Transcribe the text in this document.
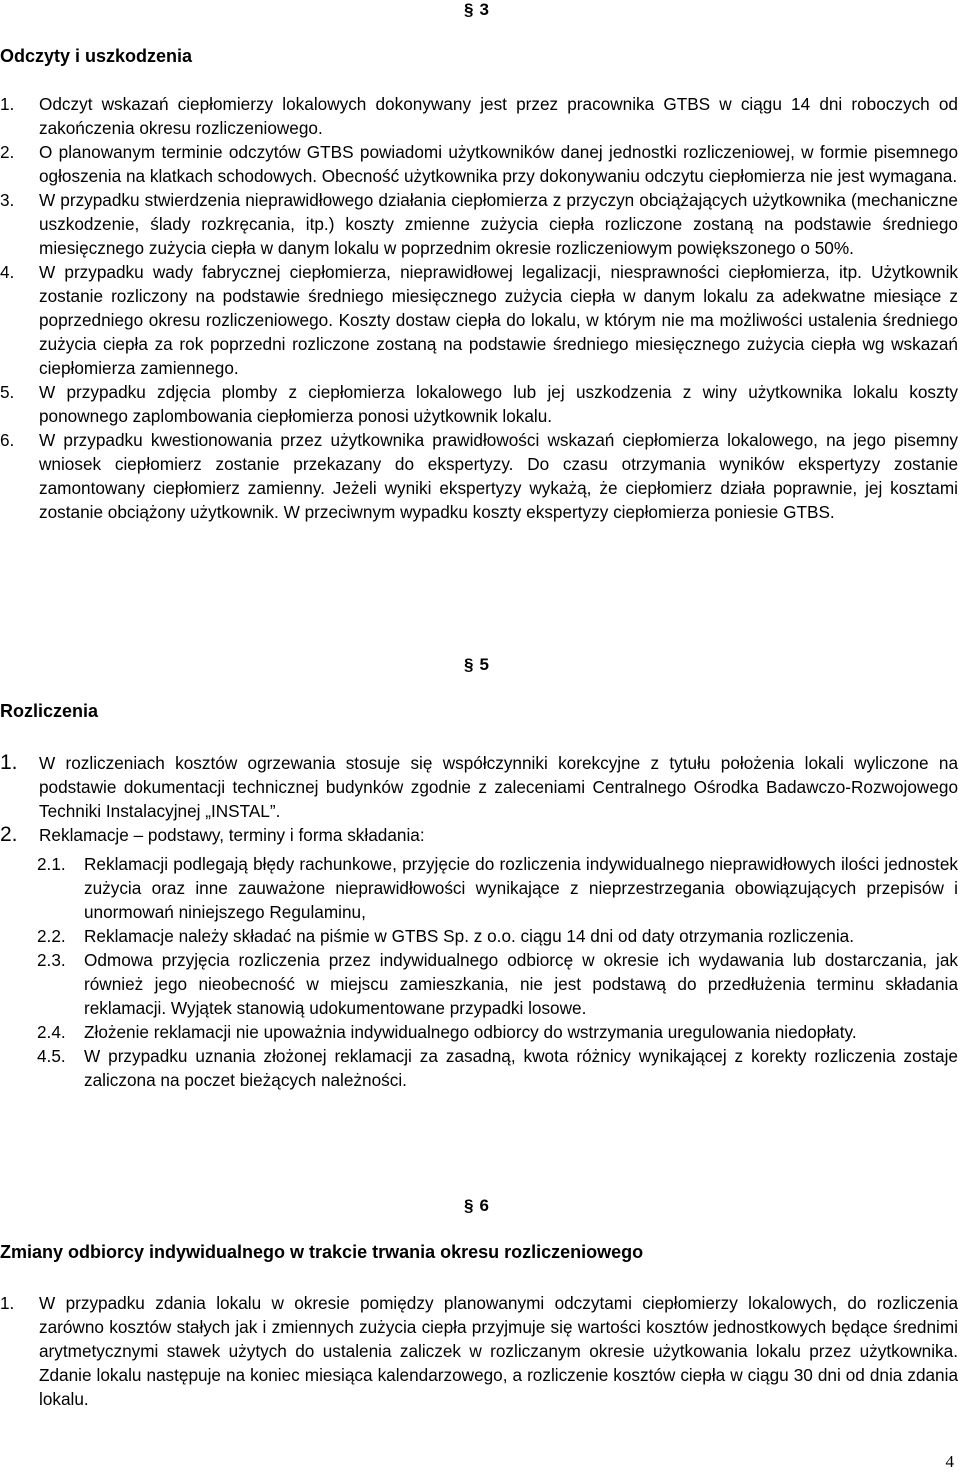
§ 3
Odczyty i uszkodzenia
1. Odczyt wskazań ciepłomierzy lokalowych dokonywany jest przez pracownika GTBS w ciągu 14 dni roboczych od zakończenia okresu rozliczeniowego.
2. O planowanym terminie odczytów GTBS powiadomi użytkowników danej jednostki rozliczeniowej, w formie pisemnego ogłoszenia na klatkach schodowych. Obecność użytkownika przy dokonywaniu odczytu ciepłomierza nie jest wymagana.
3. W przypadku stwierdzenia nieprawidłowego działania ciepłomierza z przyczyn obciążających użytkownika (mechaniczne uszkodzenie, ślady rozkręcania, itp.) koszty zmienne zużycia ciepła rozliczone zostaną na podstawie średniego miesięcznego zużycia ciepła w danym lokalu w poprzednim okresie rozliczeniowym powiększonego o 50%.
4. W przypadku wady fabrycznej ciepłomierza, nieprawidłowej legalizacji, niesprawności ciepłomierza, itp. Użytkownik zostanie rozliczony na podstawie średniego miesięcznego zużycia ciepła w danym lokalu za adekwatne miesiące z poprzedniego okresu rozliczeniowego. Koszty dostaw ciepła do lokalu, w którym nie ma możliwości ustalenia średniego zużycia ciepła za rok poprzedni rozliczone zostaną na podstawie średniego miesięcznego zużycia ciepła wg wskazań ciepłomierza zamiennego.
5. W przypadku zdjęcia plomby z ciepłomierza lokalowego lub jej uszkodzenia z winy użytkownika lokalu koszty ponownego zaplombowania ciepłomierza ponosi użytkownik lokalu.
6. W przypadku kwestionowania przez użytkownika prawidłowości wskazań ciepłomierza lokalowego, na jego pisemny wniosek ciepłomierz zostanie przekazany do ekspertyzy. Do czasu otrzymania wyników ekspertyzy zostanie zamontowany ciepłomierz zamienny. Jeżeli wyniki ekspertyzy wykażą, że ciepłomierz działa poprawnie, jej kosztami zostanie obciążony użytkownik. W przeciwnym wypadku koszty ekspertyzy ciepłomierza poniesie GTBS.
§ 5
Rozliczenia
1. W rozliczeniach kosztów ogrzewania stosuje się współczynniki korekcyjne z tytułu położenia lokali wyliczone na podstawie dokumentacji technicznej budynków zgodnie z zaleceniami Centralnego Ośrodka Badawczo-Rozwojowego Techniki Instalacyjnej „INSTAL”.
2. Reklamacje – podstawy, terminy i forma składania:
2.1. Reklamacji podlegają błędy rachunkowe, przyjęcie do rozliczenia indywidualnego nieprawidłowych ilości jednostek zużycia oraz inne zauważone nieprawidłowości wynikające z nieprzestrzegania obowiązujących przepisów i unormowań niniejszego Regulaminu,
2.2. Reklamacje należy składać na piśmie w GTBS Sp. z o.o. ciągu 14 dni od daty otrzymania rozliczenia.
2.3. Odmowa przyjęcia rozliczenia przez indywidualnego odbiorcę w okresie ich wydawania lub dostarczania, jak również jego nieobecność w miejscu zamieszkania, nie jest podstawą do przedłużenia terminu składania reklamacji. Wyjątek stanowią udokumentowane przypadki losowe.
2.4. Złożenie reklamacji nie upoważnia indywidualnego odbiorcy do wstrzymania uregulowania niedopłaty.
4.5. W przypadku uznania złożonej reklamacji za zasadną, kwota różnicy wynikającej z korekty rozliczenia zostaje zaliczona na poczet bieżących należności.
§ 6
Zmiany odbiorcy indywidualnego w trakcie trwania okresu rozliczeniowego
1. W przypadku zdania lokalu w okresie pomiędzy planowanymi odczytami ciepłomierzy lokalowych, do rozliczenia zarówno kosztów stałych jak i zmiennych zużycia ciepła przyjmuje się wartości kosztów jednostkowych będące średnimi arytmetycznymi stawek użytych do ustalenia zaliczek w rozliczanym okresie użytkowania lokalu przez użytkownika. Zdanie lokalu następuje na koniec miesiąca kalendarzowego, a rozliczenie kosztów ciepła w ciągu 30 dni od dnia zdania lokalu.
4
